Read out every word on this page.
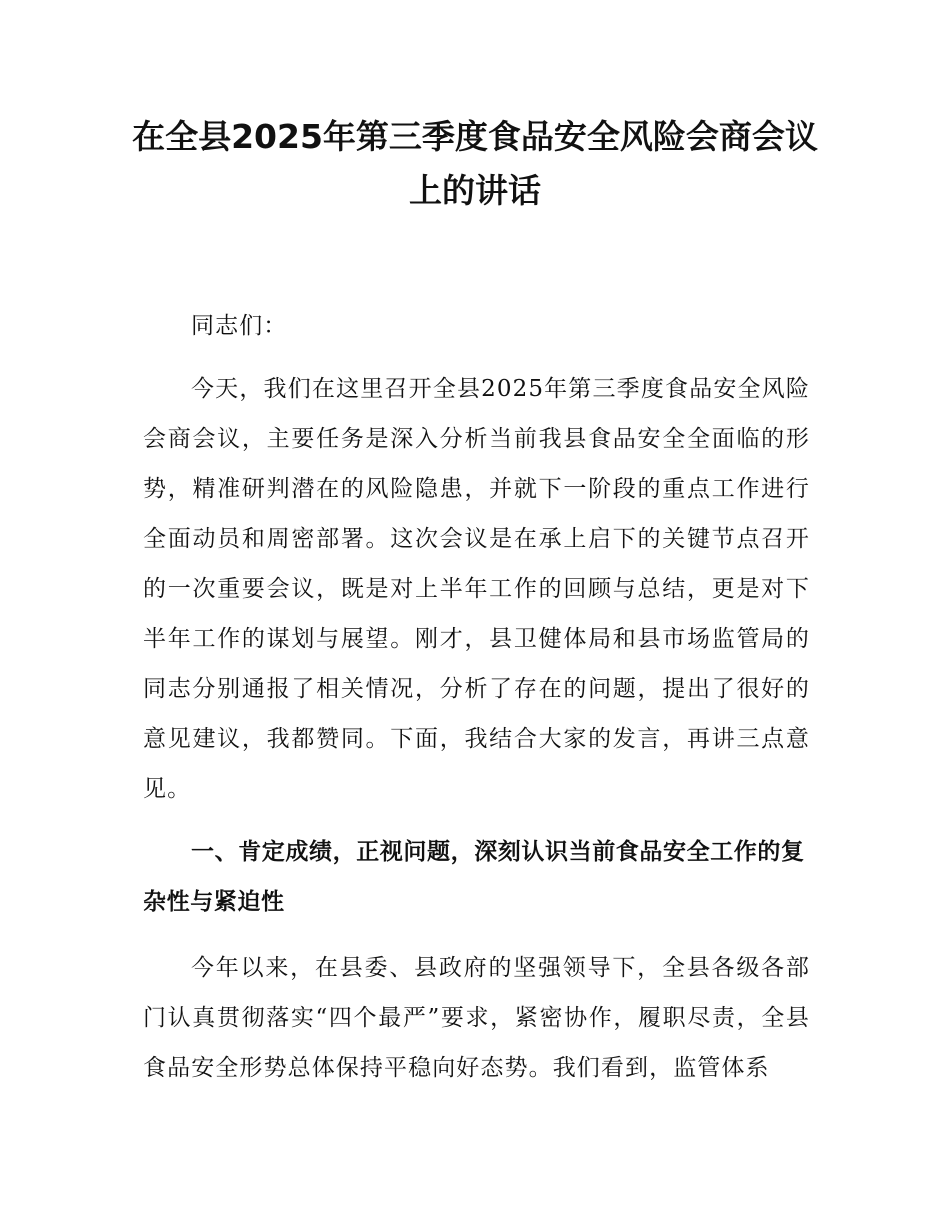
在全县2025年第三季度食品安全风险会商会议上的讲话

同志们：

今天，我们在这里召开全县2025年第三季度食品安全风险会商会议，主要任务是深入分析当前我县食品安全全面临的形势，精准研判潜在的风险隐患，并就下一阶段的重点工作进行全面动员和周密部署。这次会议是在承上启下的关键节点召开的一次重要会议，既是对上半年工作的回顾与总结，更是对下半年工作的谋划与展望。刚才，县卫健体局和县市场监管局的同志分别通报了相关情况，分析了存在的问题，提出了很好的意见建议，我都赞同。下面，我结合大家的发言，再讲三点意见。

一、肯定成绩，正视问题，深刻认识当前食品安全工作的复杂性与紧迫性

今年以来，在县委、县政府的坚强领导下，全县各级各部门认真贯彻落实“四个最严”要求，紧密协作，履职尽责，全县食品安全形势总体保持平稳向好态势。我们看到，监管体系
